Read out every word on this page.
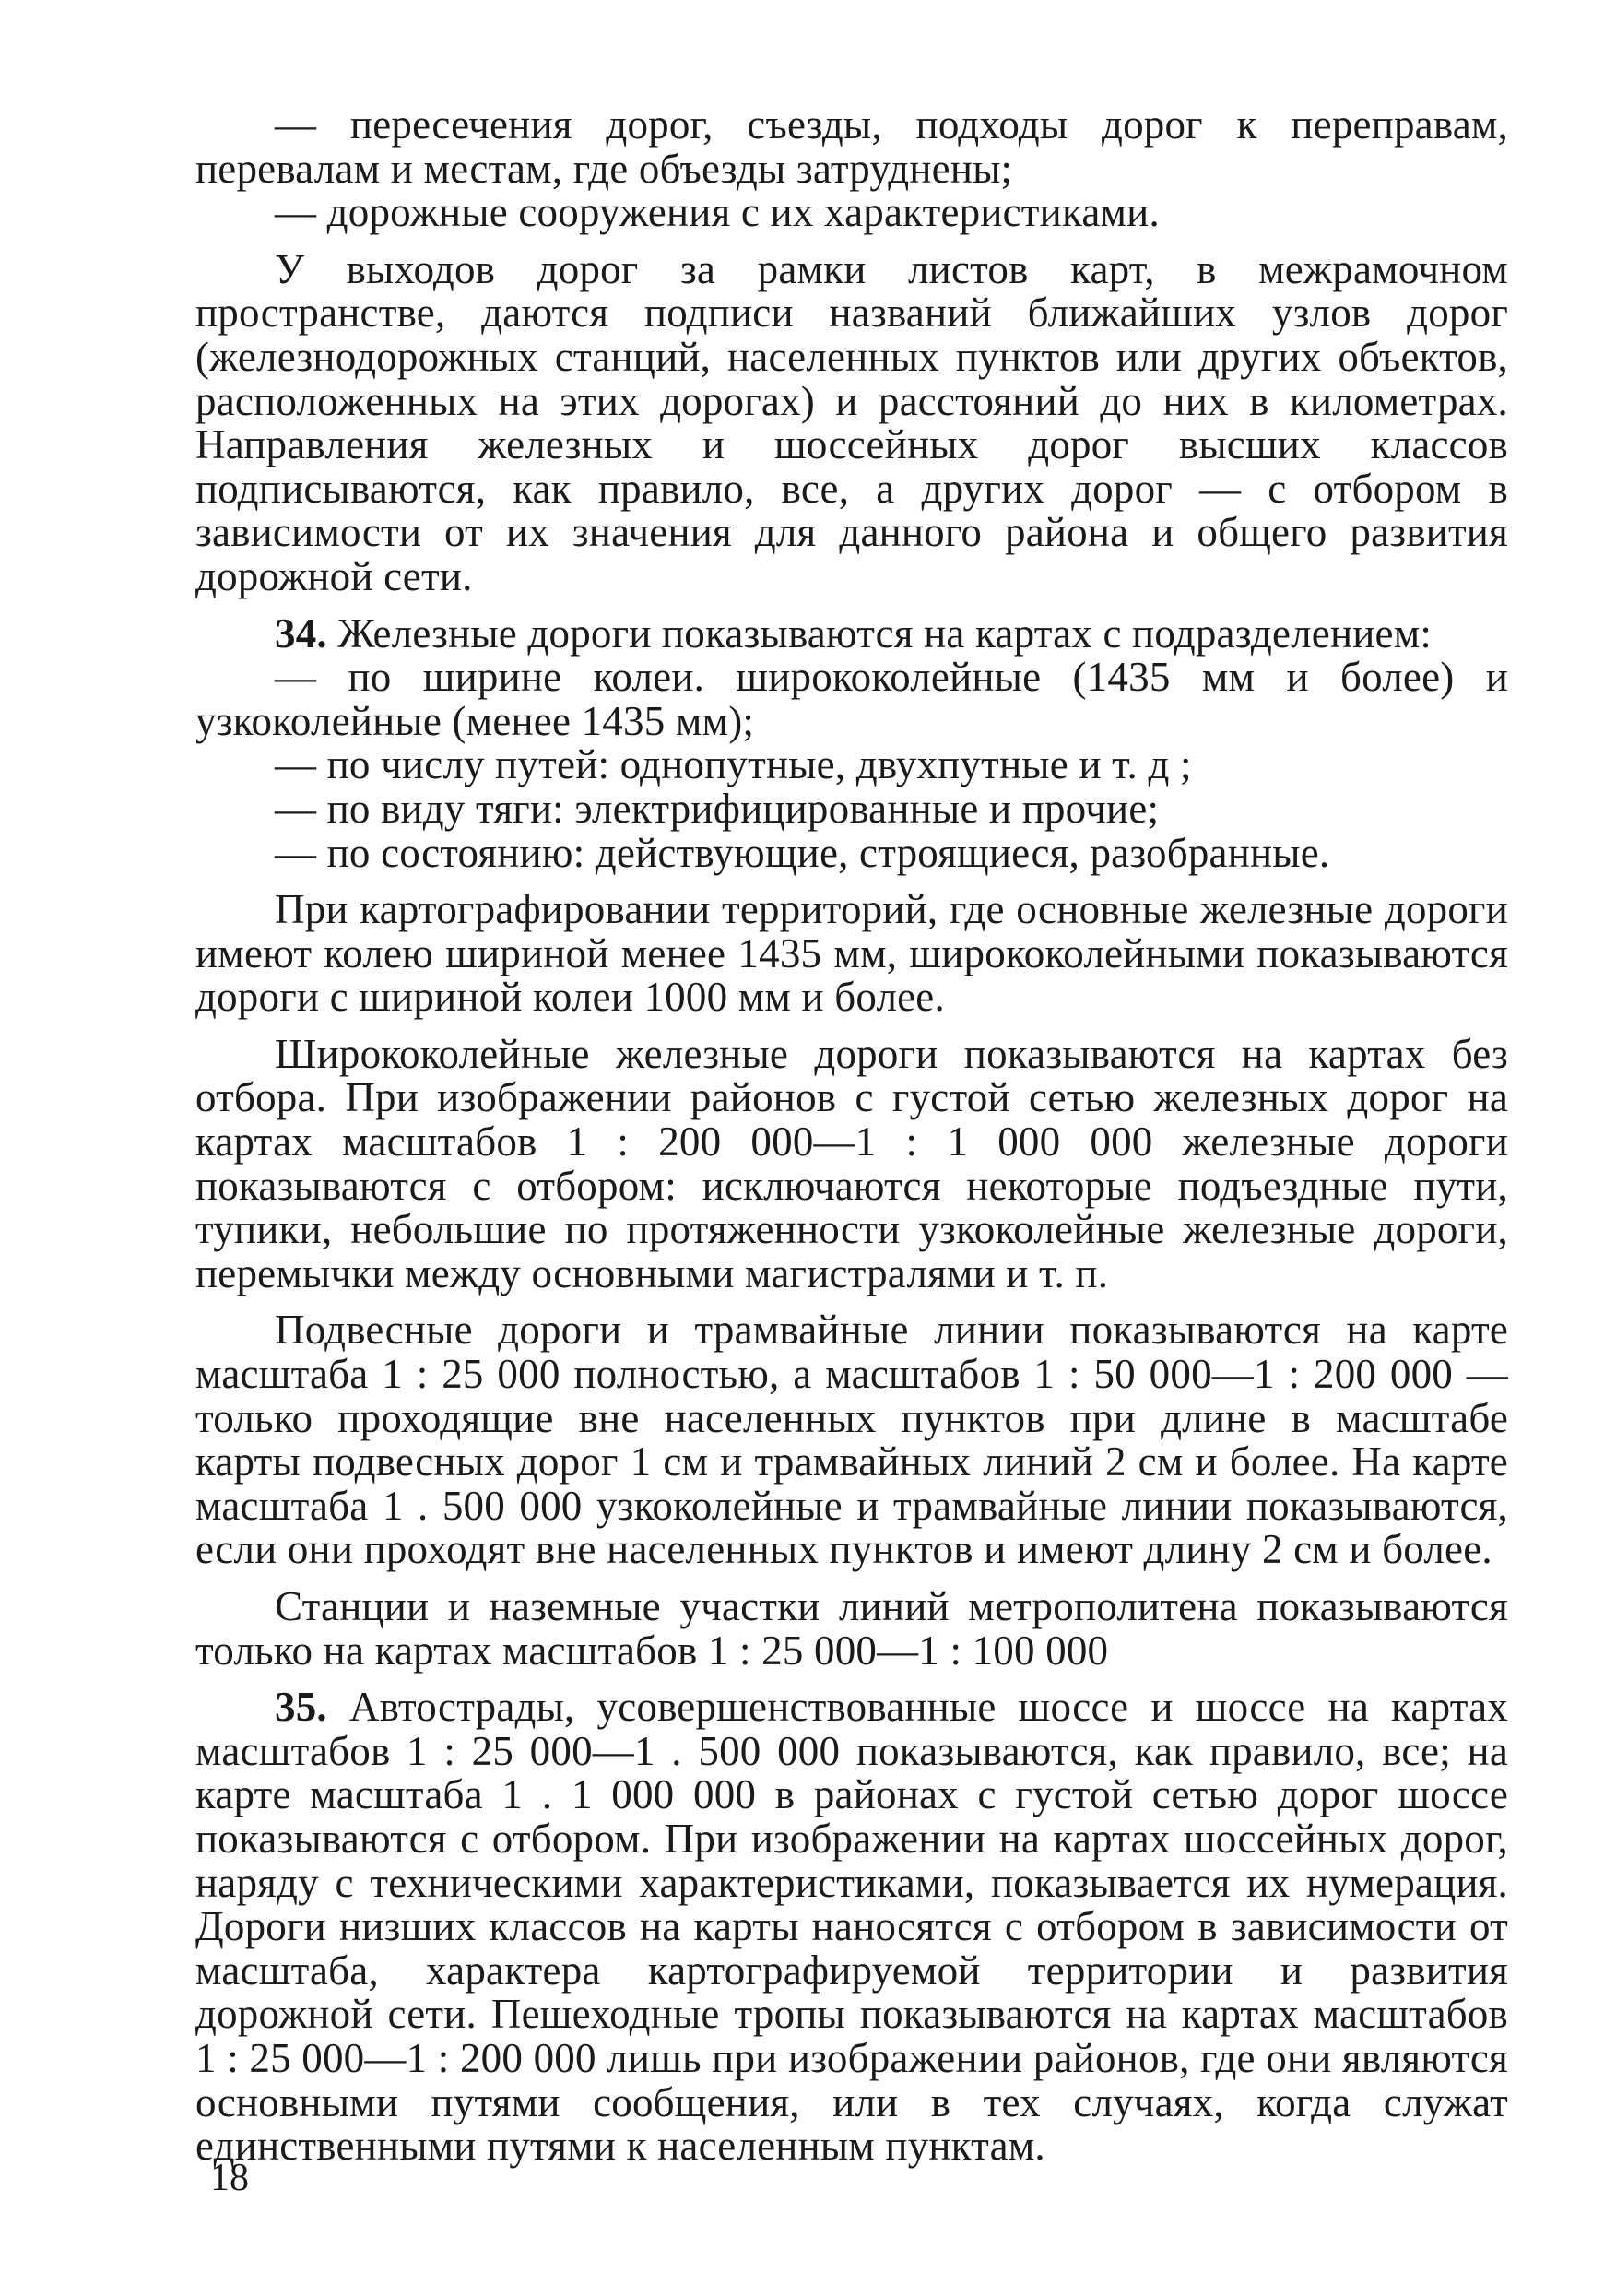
— пересечения дорог, съезды, подходы дорог к переправам, перевалам и местам, где объезды затруднены;

— дорожные сооружения с их характеристиками.

У выходов дорог за рамки листов карт, в межрамочном пространстве, даются подписи названий ближайших узлов дорог (железнодорожных станций, населенных пунктов или других объектов, расположенных на этих дорогах) и расстояний до них в километрах. Направления железных и шоссейных дорог высших классов подписываются, как правило, все, а других дорог — с отбором в зависимости от их значения для данного района и общего развития дорожной сети.

34. Железные дороги показываются на картах с подразделением:

— по ширине колеи. ширококолейные (1435 мм и более) и узкоколейные (менее 1435 мм);

— по числу путей: однопутные, двухпутные и т. д ;

— по виду тяги: электрифицированные и прочие;

— по состоянию: действующие, строящиеся, разобранные.

При картографировании территорий, где основные железные дороги имеют колею шириной менее 1435 мм, ширококолейными показываются дороги с шириной колеи 1000 мм и более.

Ширококолейные железные дороги показываются на картах без отбора. При изображении районов с густой сетью железных дорог на картах масштабов 1 : 200 000—1 : 1 000 000 железные дороги показываются с отбором: исключаются некоторые подъездные пути, тупики, небольшие по протяженности узкоколейные железные дороги, перемычки между основными магистралями и т. п.

Подвесные дороги и трамвайные линии показываются на карте масштаба 1 : 25 000 полностью, а масштабов 1 : 50 000—1 : 200 000 — только проходящие вне населенных пунктов при длине в масштабе карты подвесных дорог 1 см и трамвайных линий 2 см и более. На карте масштаба 1 . 500 000 узкоколейные и трамвайные линии показываются, если они проходят вне населенных пунктов и имеют длину 2 см и более.

Станции и наземные участки линий метрополитена показываются только на картах масштабов 1 : 25 000—1 : 100 000

35. Автострады, усовершенствованные шоссе и шоссе на картах масштабов 1 : 25 000—1 . 500 000 показываются, как правило, все; на карте масштаба 1 . 1 000 000 в районах с густой сетью дорог шоссе показываются с отбором. При изображении на картах шоссейных дорог, наряду с техническими характеристиками, показывается их нумерация. Дороги низших классов на карты наносятся с отбором в зависимости от масштаба, характера картографируемой территории и развития дорожной сети. Пешеходные тропы показываются на картах масштабов 1 : 25 000—1 : 200 000 лишь при изображении районов, где они являются основными путями сообщения, или в тех случаях, когда служат единственными путями к населенным пунктам.

18
